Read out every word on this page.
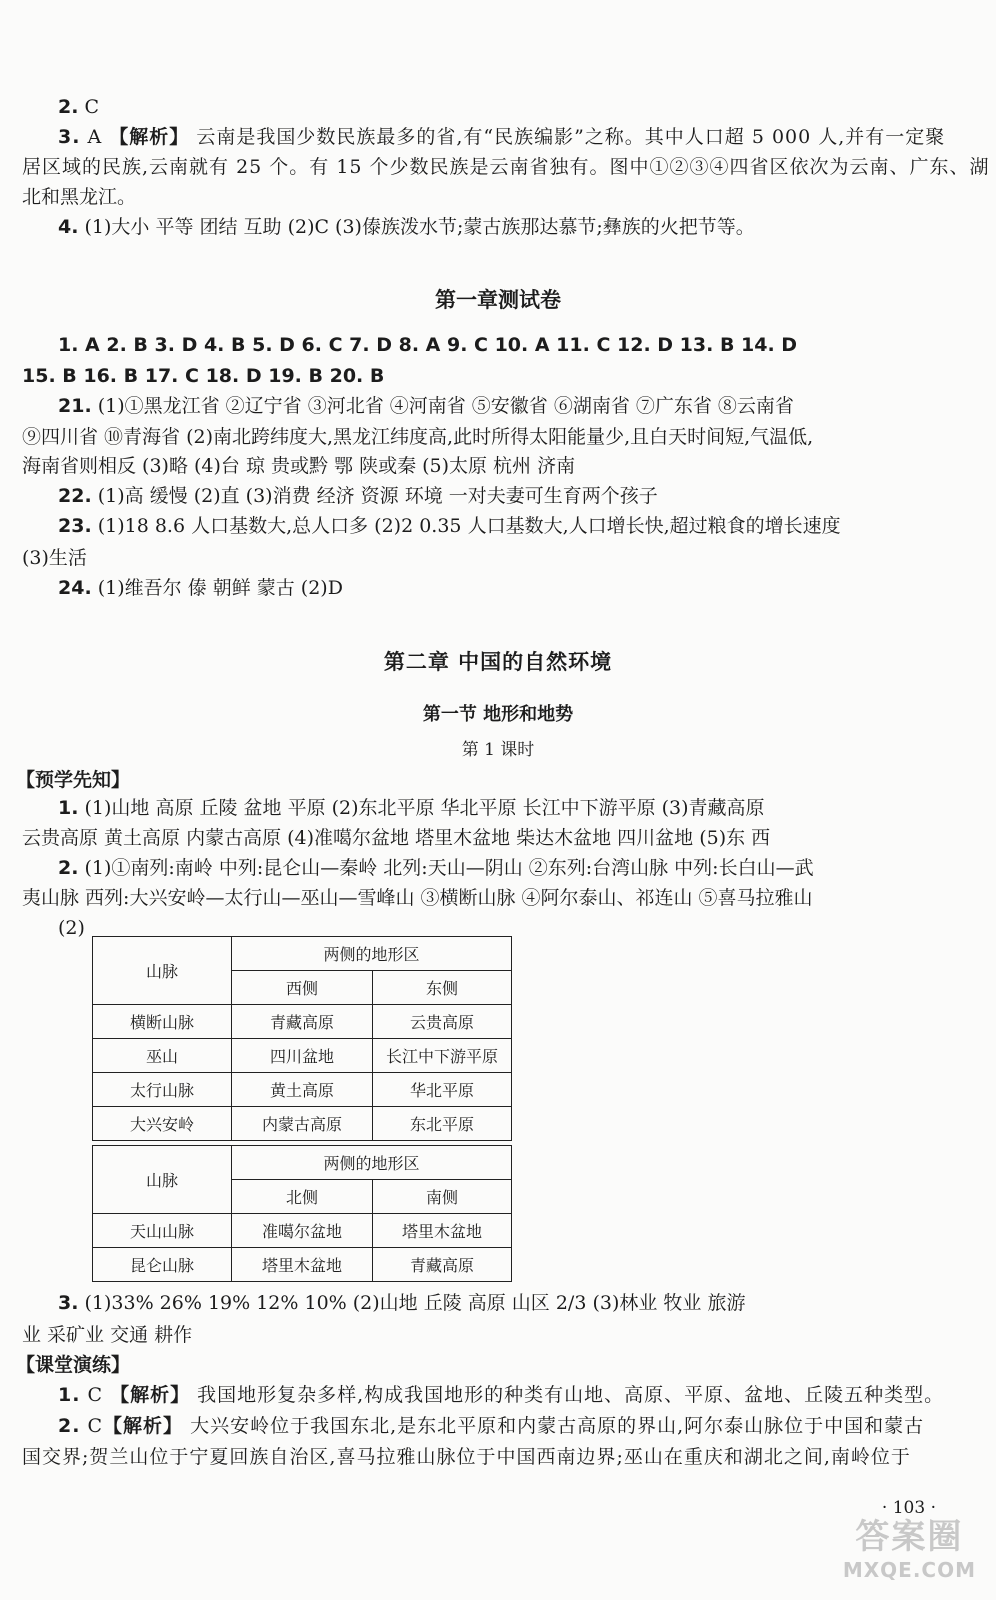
2. C
3. A 【解析】 云南是我国少数民族最多的省,有“民族编影”之称。其中人口超 5 000 人,并有一定聚
居区域的民族,云南就有 25 个。有 15 个少数民族是云南省独有。图中①②③④四省区依次为云南、广东、湖
北和黑龙江。
4. (1)大小 平等 团结 互助 (2)C (3)傣族泼水节;蒙古族那达慕节;彝族的火把节等。
第一章测试卷
1. A 2. B 3. D 4. B 5. D 6. C 7. D 8. A 9. C 10. A 11. C 12. D 13. B 14. D
15. B 16. B 17. C 18. D 19. B 20. B
21. (1)①黑龙江省 ②辽宁省 ③河北省 ④河南省 ⑤安徽省 ⑥湖南省 ⑦广东省 ⑧云南省
⑨四川省 ⑩青海省 (2)南北跨纬度大,黑龙江纬度高,此时所得太阳能量少,且白天时间短,气温低,
海南省则相反 (3)略 (4)台 琼 贵或黔 鄂 陕或秦 (5)太原 杭州 济南
22. (1)高 缓慢 (2)直 (3)消费 经济 资源 环境 一对夫妻可生育两个孩子
23. (1)18 8.6 人口基数大,总人口多 (2)2 0.35 人口基数大,人口增长快,超过粮食的增长速度
(3)生活
24. (1)维吾尔 傣 朝鲜 蒙古 (2)D
第二章 中国的自然环境
第一节 地形和地势
第 1 课时
【预学先知】
1. (1)山地 高原 丘陵 盆地 平原 (2)东北平原 华北平原 长江中下游平原 (3)青藏高原
云贵高原 黄土高原 内蒙古高原 (4)准噶尔盆地 塔里木盆地 柴达木盆地 四川盆地 (5)东 西
2. (1)①南列:南岭 中列:昆仑山—秦岭 北列:天山—阴山 ②东列:台湾山脉 中列:长白山—武
夷山脉 西列:大兴安岭—太行山—巫山—雪峰山 ③横断山脉 ④阿尔泰山、祁连山 ⑤喜马拉雅山
(2)
山脉	两侧的地形区	
	西侧	东侧
横断山脉	青藏高原	云贵高原
巫山	四川盆地	长江中下游平原
太行山脉	黄土高原	华北平原
大兴安岭	内蒙古高原	东北平原
山脉	两侧的地形区	
	北侧	南侧
天山山脉	准噶尔盆地	塔里木盆地
昆仑山脉	塔里木盆地	青藏高原
3. (1)33% 26% 19% 12% 10% (2)山地 丘陵 高原 山区 2/3 (3)林业 牧业 旅游
业 采矿业 交通 耕作
【课堂演练】
1. C 【解析】 我国地形复杂多样,构成我国地形的种类有山地、高原、平原、盆地、丘陵五种类型。
2. C【解析】 大兴安岭位于我国东北,是东北平原和内蒙古高原的界山,阿尔泰山脉位于中国和蒙古
国交界;贺兰山位于宁夏回族自治区,喜马拉雅山脉位于中国西南边界;巫山在重庆和湖北之间,南岭位于
· 103 ·
答案圈
MXQE.COM
